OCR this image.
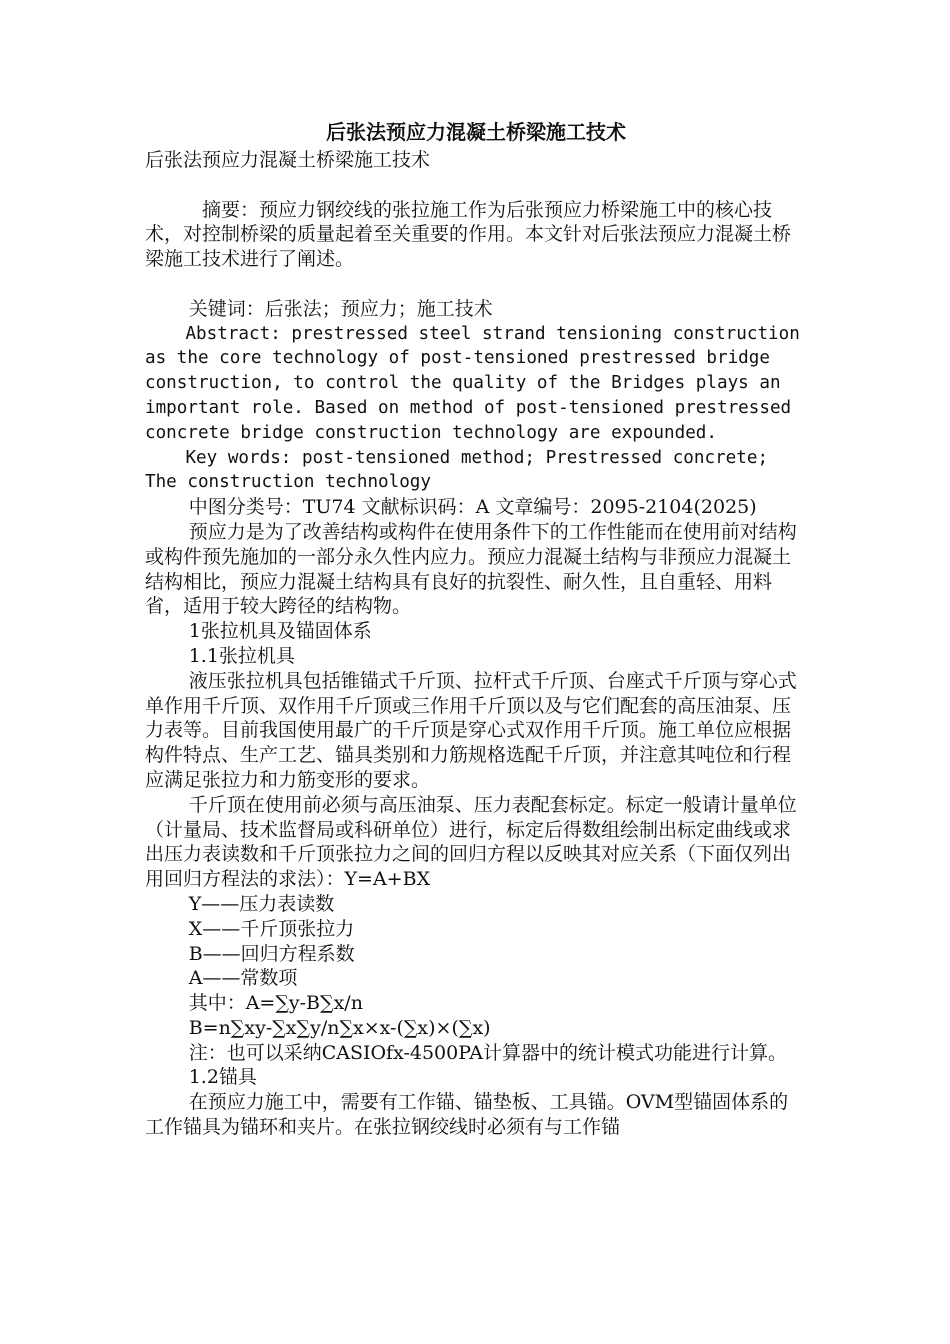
后张法预应力混凝土桥梁施工技术

后张法预应力混凝土桥梁施工技术

摘要：预应力钢绞线的张拉施工作为后张预应力桥梁施工中的核心技术，对控制桥梁的质量起着至关重要的作用。本文针对后张法预应力混凝土桥梁施工技术进行了阐述。

关键词：后张法；预应力；施工技术

Abstract: prestressed steel strand tensioning construction as the core technology of post-tensioned prestressed bridge construction, to control the quality of the Bridges plays an important role. Based on method of post-tensioned prestressed concrete bridge construction technology are expounded.

Key words: post-tensioned method; Prestressed concrete; The construction technology

中图分类号：TU74 文献标识码：A 文章编号：2095-2104(2025)

预应力是为了改善结构或构件在使用条件下的工作性能而在使用前对结构或构件预先施加的一部分永久性内应力。预应力混凝土结构与非预应力混凝土结构相比，预应力混凝土结构具有良好的抗裂性、耐久性，且自重轻、用料省，适用于较大跨径的结构物。

1张拉机具及锚固体系

1.1张拉机具

液压张拉机具包括锥锚式千斤顶、拉杆式千斤顶、台座式千斤顶与穿心式单作用千斤顶、双作用千斤顶或三作用千斤顶以及与它们配套的高压油泵、压力表等。目前我国使用最广的千斤顶是穿心式双作用千斤顶。施工单位应根据构件特点、生产工艺、锚具类别和力筋规格选配千斤顶，并注意其吨位和行程应满足张拉力和力筋变形的要求。

千斤顶在使用前必须与高压油泵、压力表配套标定。标定一般请计量单位（计量局、技术监督局或科研单位）进行，标定后得数组绘制出标定曲线或求出压力表读数和千斤顶张拉力之间的回归方程以反映其对应关系（下面仅列出用回归方程法的求法）：Y=A+BX

Y——压力表读数

X——千斤顶张拉力

B——回归方程系数

A——常数项

其中：A=∑y-B∑x/n

B=n∑xy-∑x∑y/n∑x×x-(∑x)×(∑x)

注：也可以采纳CASIOfx-4500PA计算器中的统计模式功能进行计算。

1.2锚具

在预应力施工中，需要有工作锚、锚垫板、工具锚。OVM型锚固体系的工作锚具为锚环和夹片。在张拉钢绞线时必须有与工作锚
